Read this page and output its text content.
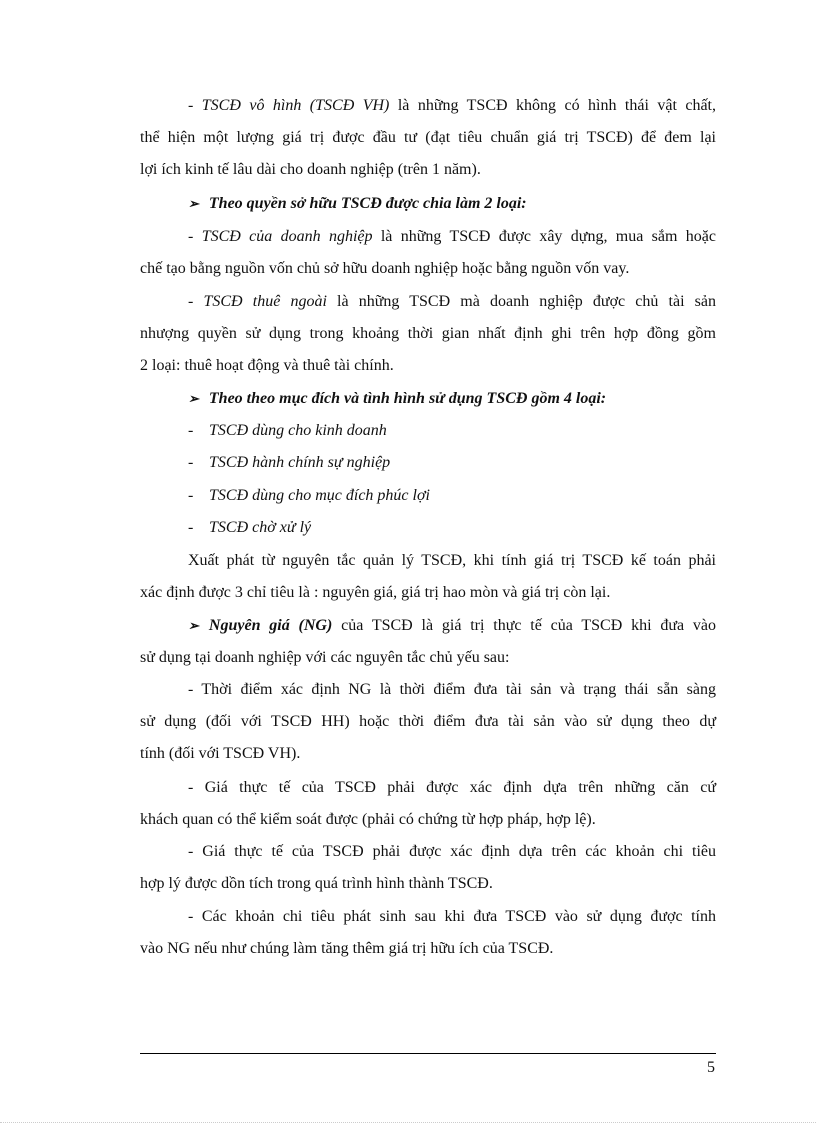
- TSCĐ vô hình (TSCĐ VH) là những TSCĐ không có hình thái vật chất,
thể hiện một lượng giá trị được đầu tư (đạt tiêu chuẩn giá trị TSCĐ) để đem lại
lợi ích kinh tế lâu dài cho doanh nghiệp (trên 1 năm).
➢ Theo quyền sở hữu TSCĐ được chia làm 2 loại:
- TSCĐ của doanh nghiệp là những TSCĐ được xây dựng, mua sắm hoặc
chế tạo bằng nguồn vốn chủ sở hữu doanh nghiệp hoặc bằng nguồn vốn vay.
- TSCĐ thuê ngoài là những TSCĐ mà doanh nghiệp được chủ tài sản
nhượng quyền sử dụng trong khoảng thời gian nhất định ghi trên hợp đồng gồm
2 loại: thuê hoạt động và thuê tài chính.
➢ Theo theo mục đích và tình hình sử dụng TSCĐ gồm 4 loại:
- TSCĐ dùng cho kinh doanh
- TSCĐ hành chính sự nghiệp
- TSCĐ dùng cho mục đích phúc lợi
- TSCĐ chờ xử lý
Xuất phát từ nguyên tắc quản lý TSCĐ, khi tính giá trị TSCĐ kế toán phải
xác định được 3 chỉ tiêu là : nguyên giá, giá trị hao mòn và giá trị còn lại.
➢ Nguyên giá (NG) của TSCĐ là giá trị thực tế của TSCĐ khi đưa vào
sử dụng tại doanh nghiệp với các nguyên tắc chủ yếu sau:
- Thời điểm xác định NG là thời điểm đưa tài sản và trạng thái sẵn sàng
sử dụng (đối với TSCĐ HH) hoặc thời điểm đưa tài sản vào sử dụng theo dự
tính (đối với TSCĐ VH).
- Giá thực tế của TSCĐ phải được xác định dựa trên những căn cứ
khách quan có thể kiểm soát được (phải có chứng từ hợp pháp, hợp lệ).
- Giá thực tế của TSCĐ phải được xác định dựa trên các khoản chi tiêu
hợp lý được dồn tích trong quá trình hình thành TSCĐ.
- Các khoản chi tiêu phát sinh sau khi đưa TSCĐ vào sử dụng được tính
vào NG nếu như chúng làm tăng thêm giá trị hữu ích của TSCĐ.
5
